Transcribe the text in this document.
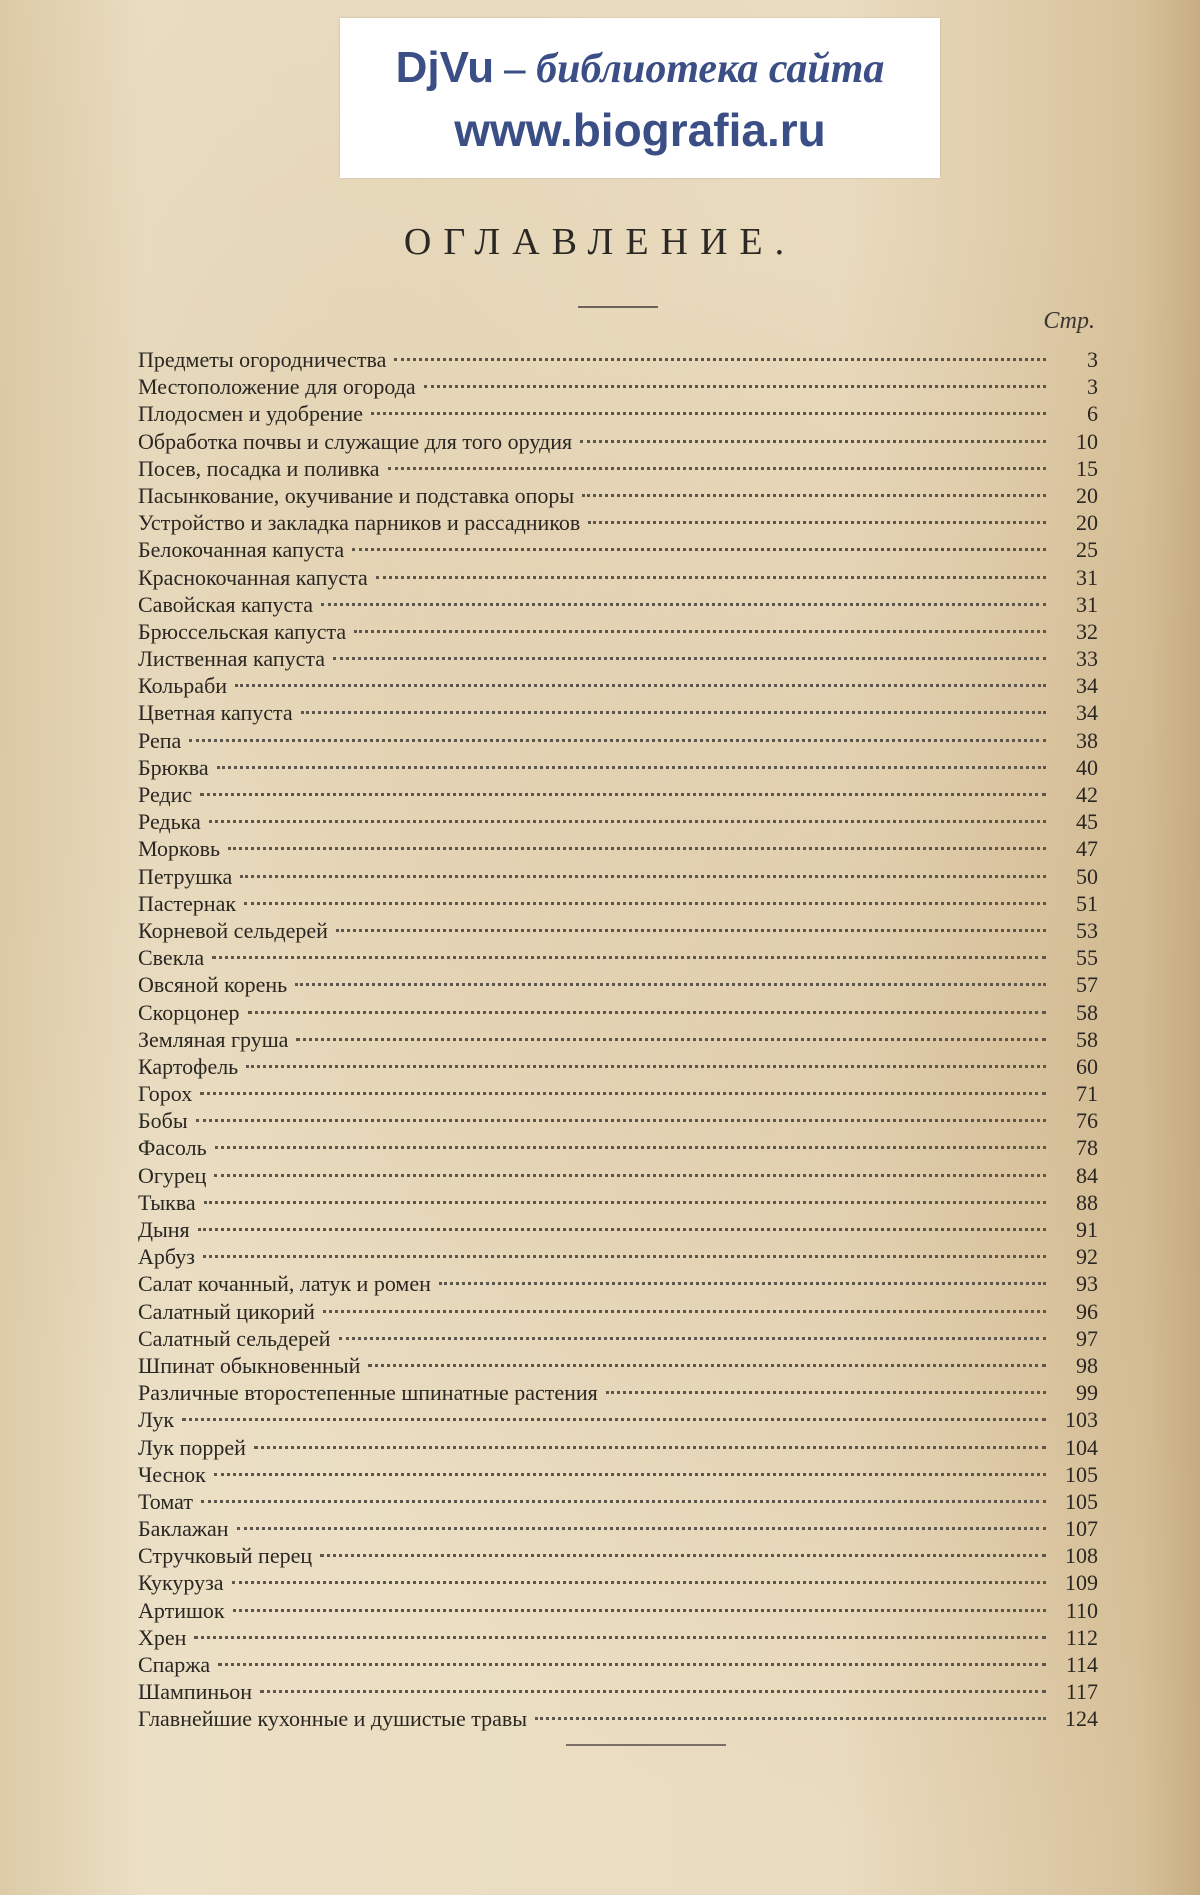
DjVu – библиотека сайта
www.biografia.ru
ОГЛАВЛЕНИЕ.
Стр.
Предметы огородничества	3
Местоположение для огорода	3
Плодосмен и удобрение	6
Обработка почвы и служащие для того орудия	10
Посев, посадка и поливка	15
Пасынкование, окучивание и подставка опоры	20
Устройство и закладка парников и рассадников	20
Белокочанная капуста	25
Краснокочанная капуста	31
Савойская капуста	31
Брюссельская капуста	32
Лиственная капуста	33
Кольраби	34
Цветная капуста	34
Репа	38
Брюква	40
Редис	42
Редька	45
Морковь	47
Петрушка	50
Пастернак	51
Корневой сельдерей	53
Свекла	55
Овсяной корень	57
Скорцонер	58
Земляная груша	58
Картофель	60
Горох	71
Бобы	76
Фасоль	78
Огурец	84
Тыква	88
Дыня	91
Арбуз	92
Салат кочанный, латук и ромен	93
Салатный цикорий	96
Салатный сельдерей	97
Шпинат обыкновенный	98
Различные второстепенные шпинатные растения	99
Лук	103
Лук поррей	104
Чеснок	105
Томат	105
Баклажан	107
Стручковый перец	108
Кукуруза	109
Артишок	110
Хрен	112
Спаржа	114
Шампиньон	117
Главнейшие кухонные и душистые травы	124
